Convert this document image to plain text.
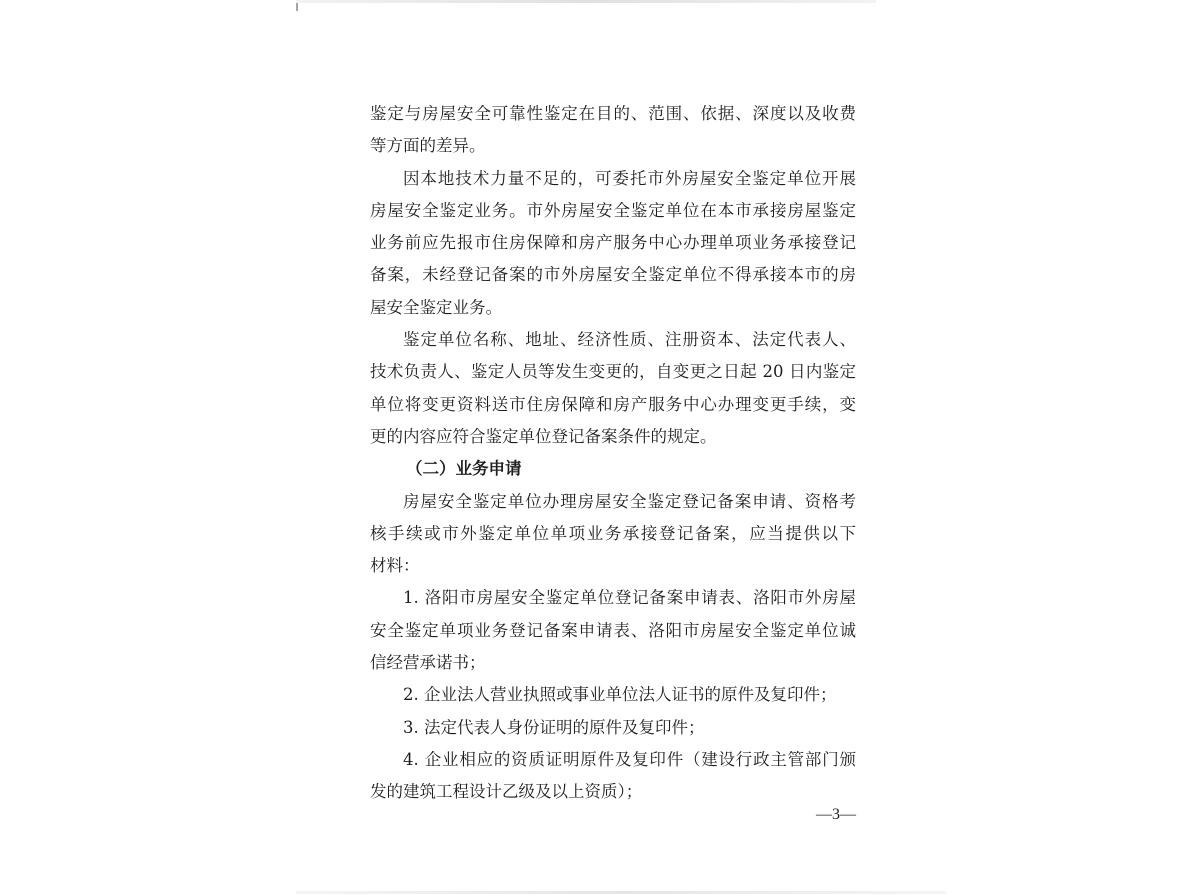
鉴定与房屋安全可靠性鉴定在目的、范围、依据、深度以及收费
等方面的差异。
因本地技术力量不足的，可委托市外房屋安全鉴定单位开展
房屋安全鉴定业务。市外房屋安全鉴定单位在本市承接房屋鉴定
业务前应先报市住房保障和房产服务中心办理单项业务承接登记
备案，未经登记备案的市外房屋安全鉴定单位不得承接本市的房
屋安全鉴定业务。
鉴定单位名称、地址、经济性质、注册资本、法定代表人、
技术负责人、鉴定人员等发生变更的，自变更之日起 20 日内鉴定
单位将变更资料送市住房保障和房产服务中心办理变更手续，变
更的内容应符合鉴定单位登记备案条件的规定。
（二）业务申请
房屋安全鉴定单位办理房屋安全鉴定登记备案申请、资格考
核手续或市外鉴定单位单项业务承接登记备案，应当提供以下
材料：
1. 洛阳市房屋安全鉴定单位登记备案申请表、洛阳市外房屋
安全鉴定单项业务登记备案申请表、洛阳市房屋安全鉴定单位诚
信经营承诺书；
2. 企业法人营业执照或事业单位法人证书的原件及复印件；
3. 法定代表人身份证明的原件及复印件；
4. 企业相应的资质证明原件及复印件（建设行政主管部门颁
发的建筑工程设计乙级及以上资质）；
—3—
